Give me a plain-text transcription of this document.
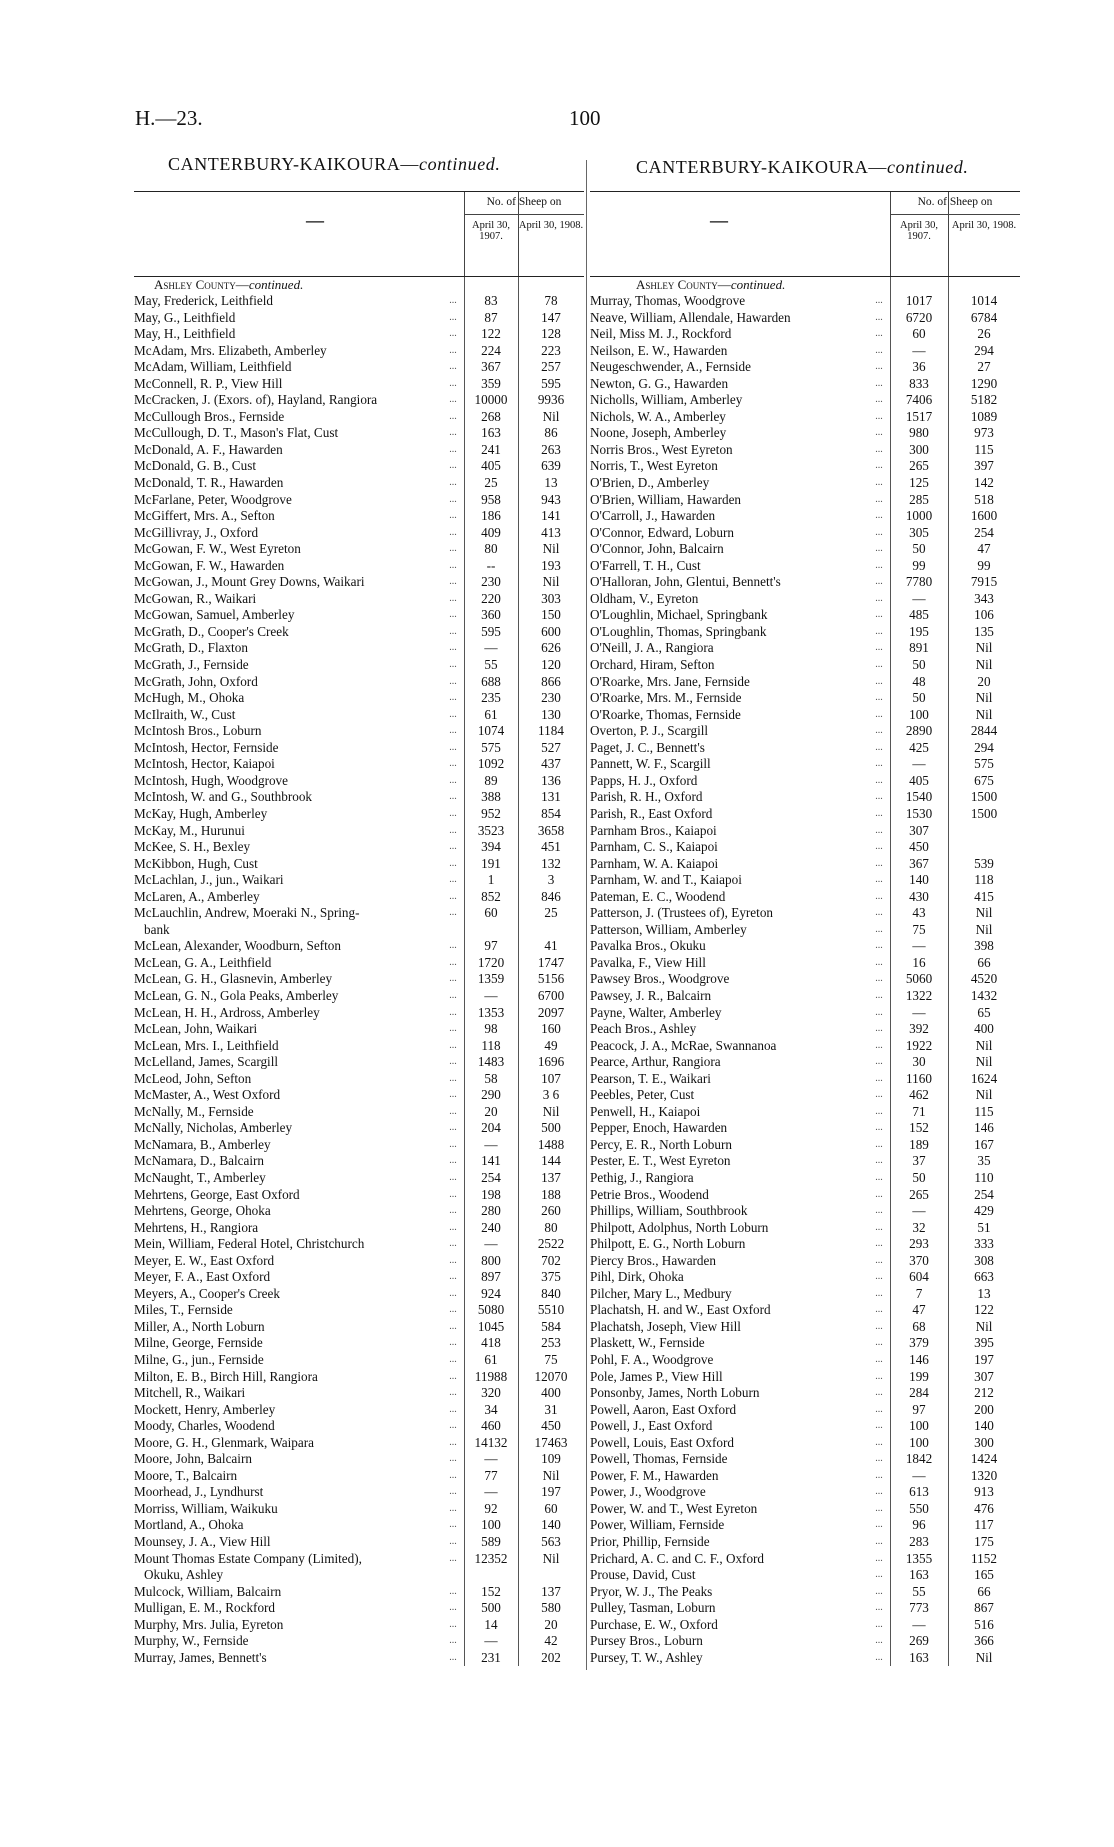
H.—23.	100
CANTERBURY-KAIKOURA—continued.	CANTERBURY-KAIKOURA—continued.
—
No. of Sheep on
April 30, 1907.
April 30, 1908.
Ashley County—continued.
May, Frederick, Leithfield	...	83	78
May, G., Leithfield	...	87	147
May, H., Leithfield	...	122	128
McAdam, Mrs. Elizabeth, Amberley	...	224	223
McAdam, William, Leithfield	...	367	257
McConnell, R. P., View Hill	...	359	595
McCracken, J. (Exors. of), Hayland, Rangiora	...	10000	9936
McCullough Bros., Fernside	...	268	Nil
McCullough, D. T., Mason's Flat, Cust	...	163	86
McDonald, A. F., Hawarden	...	241	263
McDonald, G. B., Cust	...	405	639
McDonald, T. R., Hawarden	...	25	13
McFarlane, Peter, Woodgrove	...	958	943
McGiffert, Mrs. A., Sefton	...	186	141
McGillivray, J., Oxford	...	409	413
McGowan, F. W., West Eyreton	...	80	Nil
McGowan, F. W., Hawarden	...	--	193
McGowan, J., Mount Grey Downs, Waikari	...	230	Nil
McGowan, R., Waikari	...	220	303
McGowan, Samuel, Amberley	...	360	150
McGrath, D., Cooper's Creek	...	595	600
McGrath, D., Flaxton	...	—	626
McGrath, J., Fernside	...	55	120
McGrath, John, Oxford	...	688	866
McHugh, M., Ohoka	...	235	230
McIlraith, W., Cust	...	61	130
McIntosh Bros., Loburn	...	1074	1184
McIntosh, Hector, Fernside	...	575	527
McIntosh, Hector, Kaiapoi	...	1092	437
McIntosh, Hugh, Woodgrove	...	89	136
McIntosh, W. and G., Southbrook	...	388	131
McKay, Hugh, Amberley	...	952	854
McKay, M., Hurunui	...	3523	3658
McKee, S. H., Bexley	...	394	451
McKibbon, Hugh, Cust	...	191	132
McLachlan, J., jun., Waikari	...	1	3
McLaren, A., Amberley	...	852	846
McLauchlin, Andrew, Moeraki N., Spring-	...	60	25
bank
McLean, Alexander, Woodburn, Sefton	...	97	41
McLean, G. A., Leithfield	...	1720	1747
McLean, G. H., Glasnevin, Amberley	...	1359	5156
McLean, G. N., Gola Peaks, Amberley	...	—	6700
McLean, H. H., Ardross, Amberley	...	1353	2097
McLean, John, Waikari	...	98	160
McLean, Mrs. I., Leithfield	...	118	49
McLelland, James, Scargill	...	1483	1696
McLeod, John, Sefton	...	58	107
McMaster, A., West Oxford	...	290	3 6
McNally, M., Fernside	...	20	Nil
McNally, Nicholas, Amberley	...	204	500
McNamara, B., Amberley	...	—	1488
McNamara, D., Balcairn	...	141	144
McNaught, T., Amberley	...	254	137
Mehrtens, George, East Oxford	...	198	188
Mehrtens, George, Ohoka	...	280	260
Mehrtens, H., Rangiora	...	240	80
Mein, William, Federal Hotel, Christchurch	...	—	2522
Meyer, E. W., East Oxford	...	800	702
Meyer, F. A., East Oxford	...	897	375
Meyers, A., Cooper's Creek	...	924	840
Miles, T., Fernside	...	5080	5510
Miller, A., North Loburn	...	1045	584
Milne, George, Fernside	...	418	253
Milne, G., jun., Fernside	...	61	75
Milton, E. B., Birch Hill, Rangiora	...	11988	12070
Mitchell, R., Waikari	...	320	400
Mockett, Henry, Amberley	...	34	31
Moody, Charles, Woodend	...	460	450
Moore, G. H., Glenmark, Waipara	...	14132	17463
Moore, John, Balcairn	...	—	109
Moore, T., Balcairn	...	77	Nil
Moorhead, J., Lyndhurst	...	—	197
Morriss, William, Waikuku	...	92	60
Mortland, A., Ohoka	...	100	140
Mounsey, J. A., View Hill	...	589	563
Mount Thomas Estate Company (Limited),	...	12352	Nil
Okuku, Ashley
Mulcock, William, Balcairn	...	152	137
Mulligan, E. M., Rockford	...	500	580
Murphy, Mrs. Julia, Eyreton	...	14	20
Murphy, W., Fernside	...	—	42
Murray, James, Bennett's	...	231	202
—
No. of Sheep on
April 30, 1907.
April 30, 1908.
Ashley County—continued.
Murray, Thomas, Woodgrove	...	1017	1014
Neave, William, Allendale, Hawarden	...	6720	6784
Neil, Miss M. J., Rockford	...	60	26
Neilson, E. W., Hawarden	...	—	294
Neugeschwender, A., Fernside	...	36	27
Newton, G. G., Hawarden	...	833	1290
Nicholls, William, Amberley	...	7406	5182
Nichols, W. A., Amberley	...	1517	1089
Noone, Joseph, Amberley	...	980	973
Norris Bros., West Eyreton	...	300	115
Norris, T., West Eyreton	...	265	397
O'Brien, D., Amberley	...	125	142
O'Brien, William, Hawarden	...	285	518
O'Carroll, J., Hawarden	...	1000	1600
O'Connor, Edward, Loburn	...	305	254
O'Connor, John, Balcairn	...	50	47
O'Farrell, T. H., Cust	...	99	99
O'Halloran, John, Glentui, Bennett's	...	7780	7915
Oldham, V., Eyreton	...	—	343
O'Loughlin, Michael, Springbank	...	485	106
O'Loughlin, Thomas, Springbank	...	195	135
O'Neill, J. A., Rangiora	...	891	Nil
Orchard, Hiram, Sefton	...	50	Nil
O'Roarke, Mrs. Jane, Fernside	...	48	20
O'Roarke, Mrs. M., Fernside	...	50	Nil
O'Roarke, Thomas, Fernside	...	100	Nil
Overton, P. J., Scargill	...	2890	2844
Paget, J. C., Bennett's	...	425	294
Pannett, W. F., Scargill	...	—	575
Papps, H. J., Oxford	...	405	675
Parish, R. H., Oxford	...	1540	1500
Parish, R., East Oxford	...	1530	1500
Parnham Bros., Kaiapoi	...	307
Parnham, C. S., Kaiapoi	...	450
Parnham, W. A. Kaiapoi	...	367	539
Parnham, W. and T., Kaiapoi	...	140	118
Pateman, E. C., Woodend	...	430	415
Patterson, J. (Trustees of), Eyreton	...	43	Nil
Patterson, William, Amberley	...	75	Nil
Pavalka Bros., Okuku	...	—	398
Pavalka, F., View Hill	...	16	66
Pawsey Bros., Woodgrove	...	5060	4520
Pawsey, J. R., Balcairn	...	1322	1432
Payne, Walter, Amberley	...	—	65
Peach Bros., Ashley	...	392	400
Peacock, J. A., McRae, Swannanoa	...	1922	Nil
Pearce, Arthur, Rangiora	...	30	Nil
Pearson, T. E., Waikari	...	1160	1624
Peebles, Peter, Cust	...	462	Nil
Penwell, H., Kaiapoi	...	71	115
Pepper, Enoch, Hawarden	...	152	146
Percy, E. R., North Loburn	...	189	167
Pester, E. T., West Eyreton	...	37	35
Pethig, J., Rangiora	...	50	110
Petrie Bros., Woodend	...	265	254
Phillips, William, Southbrook	...	—	429
Philpott, Adolphus, North Loburn	...	32	51
Philpott, E. G., North Loburn	...	293	333
Piercy Bros., Hawarden	...	370	308
Pihl, Dirk, Ohoka	...	604	663
Pilcher, Mary L., Medbury	...	7	13
Plachatsh, H. and W., East Oxford	...	47	122
Plachatsh, Joseph, View Hill	...	68	Nil
Plaskett, W., Fernside	...	379	395
Pohl, F. A., Woodgrove	...	146	197
Pole, James P., View Hill	...	199	307
Ponsonby, James, North Loburn	...	284	212
Powell, Aaron, East Oxford	...	97	200
Powell, J., East Oxford	...	100	140
Powell, Louis, East Oxford	...	100	300
Powell, Thomas, Fernside	...	1842	1424
Power, F. M., Hawarden	...	—	1320
Power, J., Woodgrove	...	613	913
Power, W. and T., West Eyreton	...	550	476
Power, William, Fernside	...	96	117
Prior, Phillip, Fernside	...	283	175
Prichard, A. C. and C. F., Oxford	...	1355	1152
Prouse, David, Cust	...	163	165
Pryor, W. J., The Peaks	...	55	66
Pulley, Tasman, Loburn	...	773	867
Purchase, E. W., Oxford	...	—	516
Pursey Bros., Loburn	...	269	366
Pursey, T. W., Ashley	...	163	Nil
